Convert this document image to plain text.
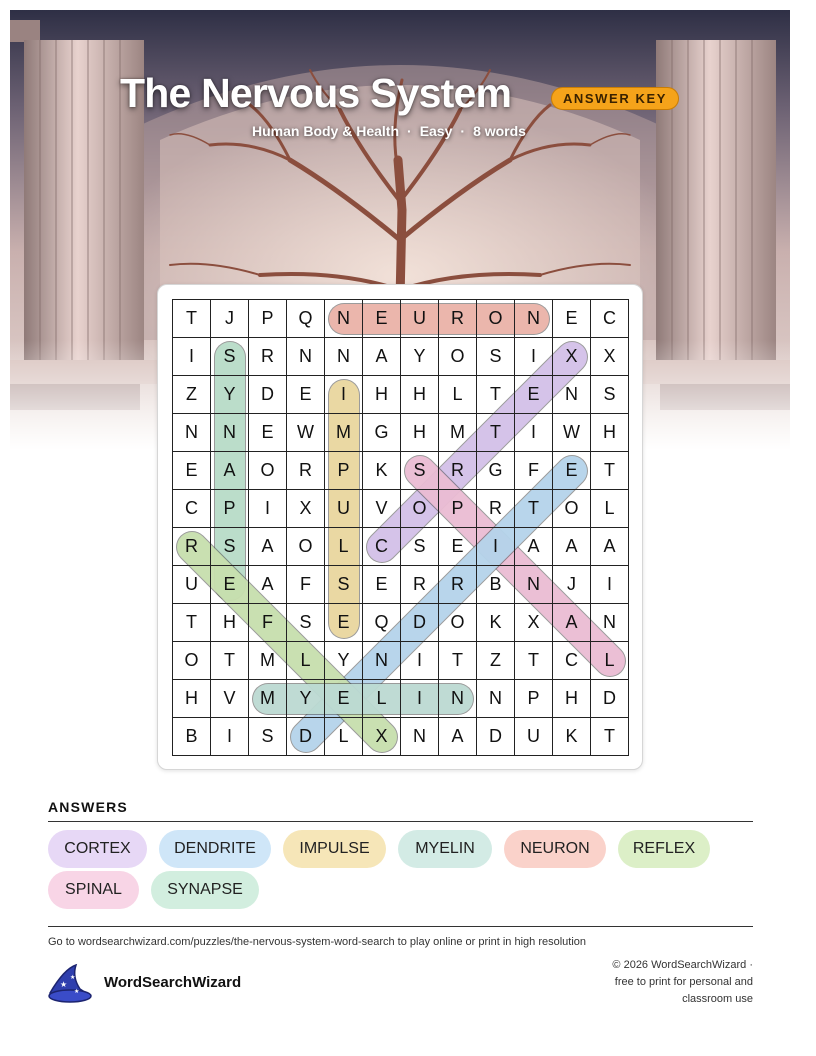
The Nervous System	ANSWER KEY
Human Body & Health · Easy · 8 words
T	J	P	Q	N	E	U	R	O	N	E	C
I	S	R	N	N	A	Y	O	S	I	X	X
Z	Y	D	E	I	H	H	L	T	E	N	S
N	N	E	W	M	G	H	M	T	I	W	H
E	A	O	R	P	K	S	R	G	F	E	T
C	P	I	X	U	V	O	P	R	T	O	L
R	S	A	O	L	C	S	E	I	A	A	A
U	E	A	F	S	E	R	R	B	N	J	I
T	H	F	S	E	Q	D	O	K	X	A	N
O	T	M	L	Y	N	I	T	Z	T	C	L
H	V	M	Y	E	L	I	N	N	P	H	D
B	I	S	D	L	X	N	A	D	U	K	T
ANSWERS
CORTEX	DENDRITE	IMPULSE	MYELIN	NEURON	REFLEX
SPINAL	SYNAPSE
Go to wordsearchwizard.com/puzzles/the-nervous-system-word-search to play online or print in high resolution
★
★
★
WordSearchWizard
© 2026 WordSearchWizard ·
free to print for personal and
classroom use
